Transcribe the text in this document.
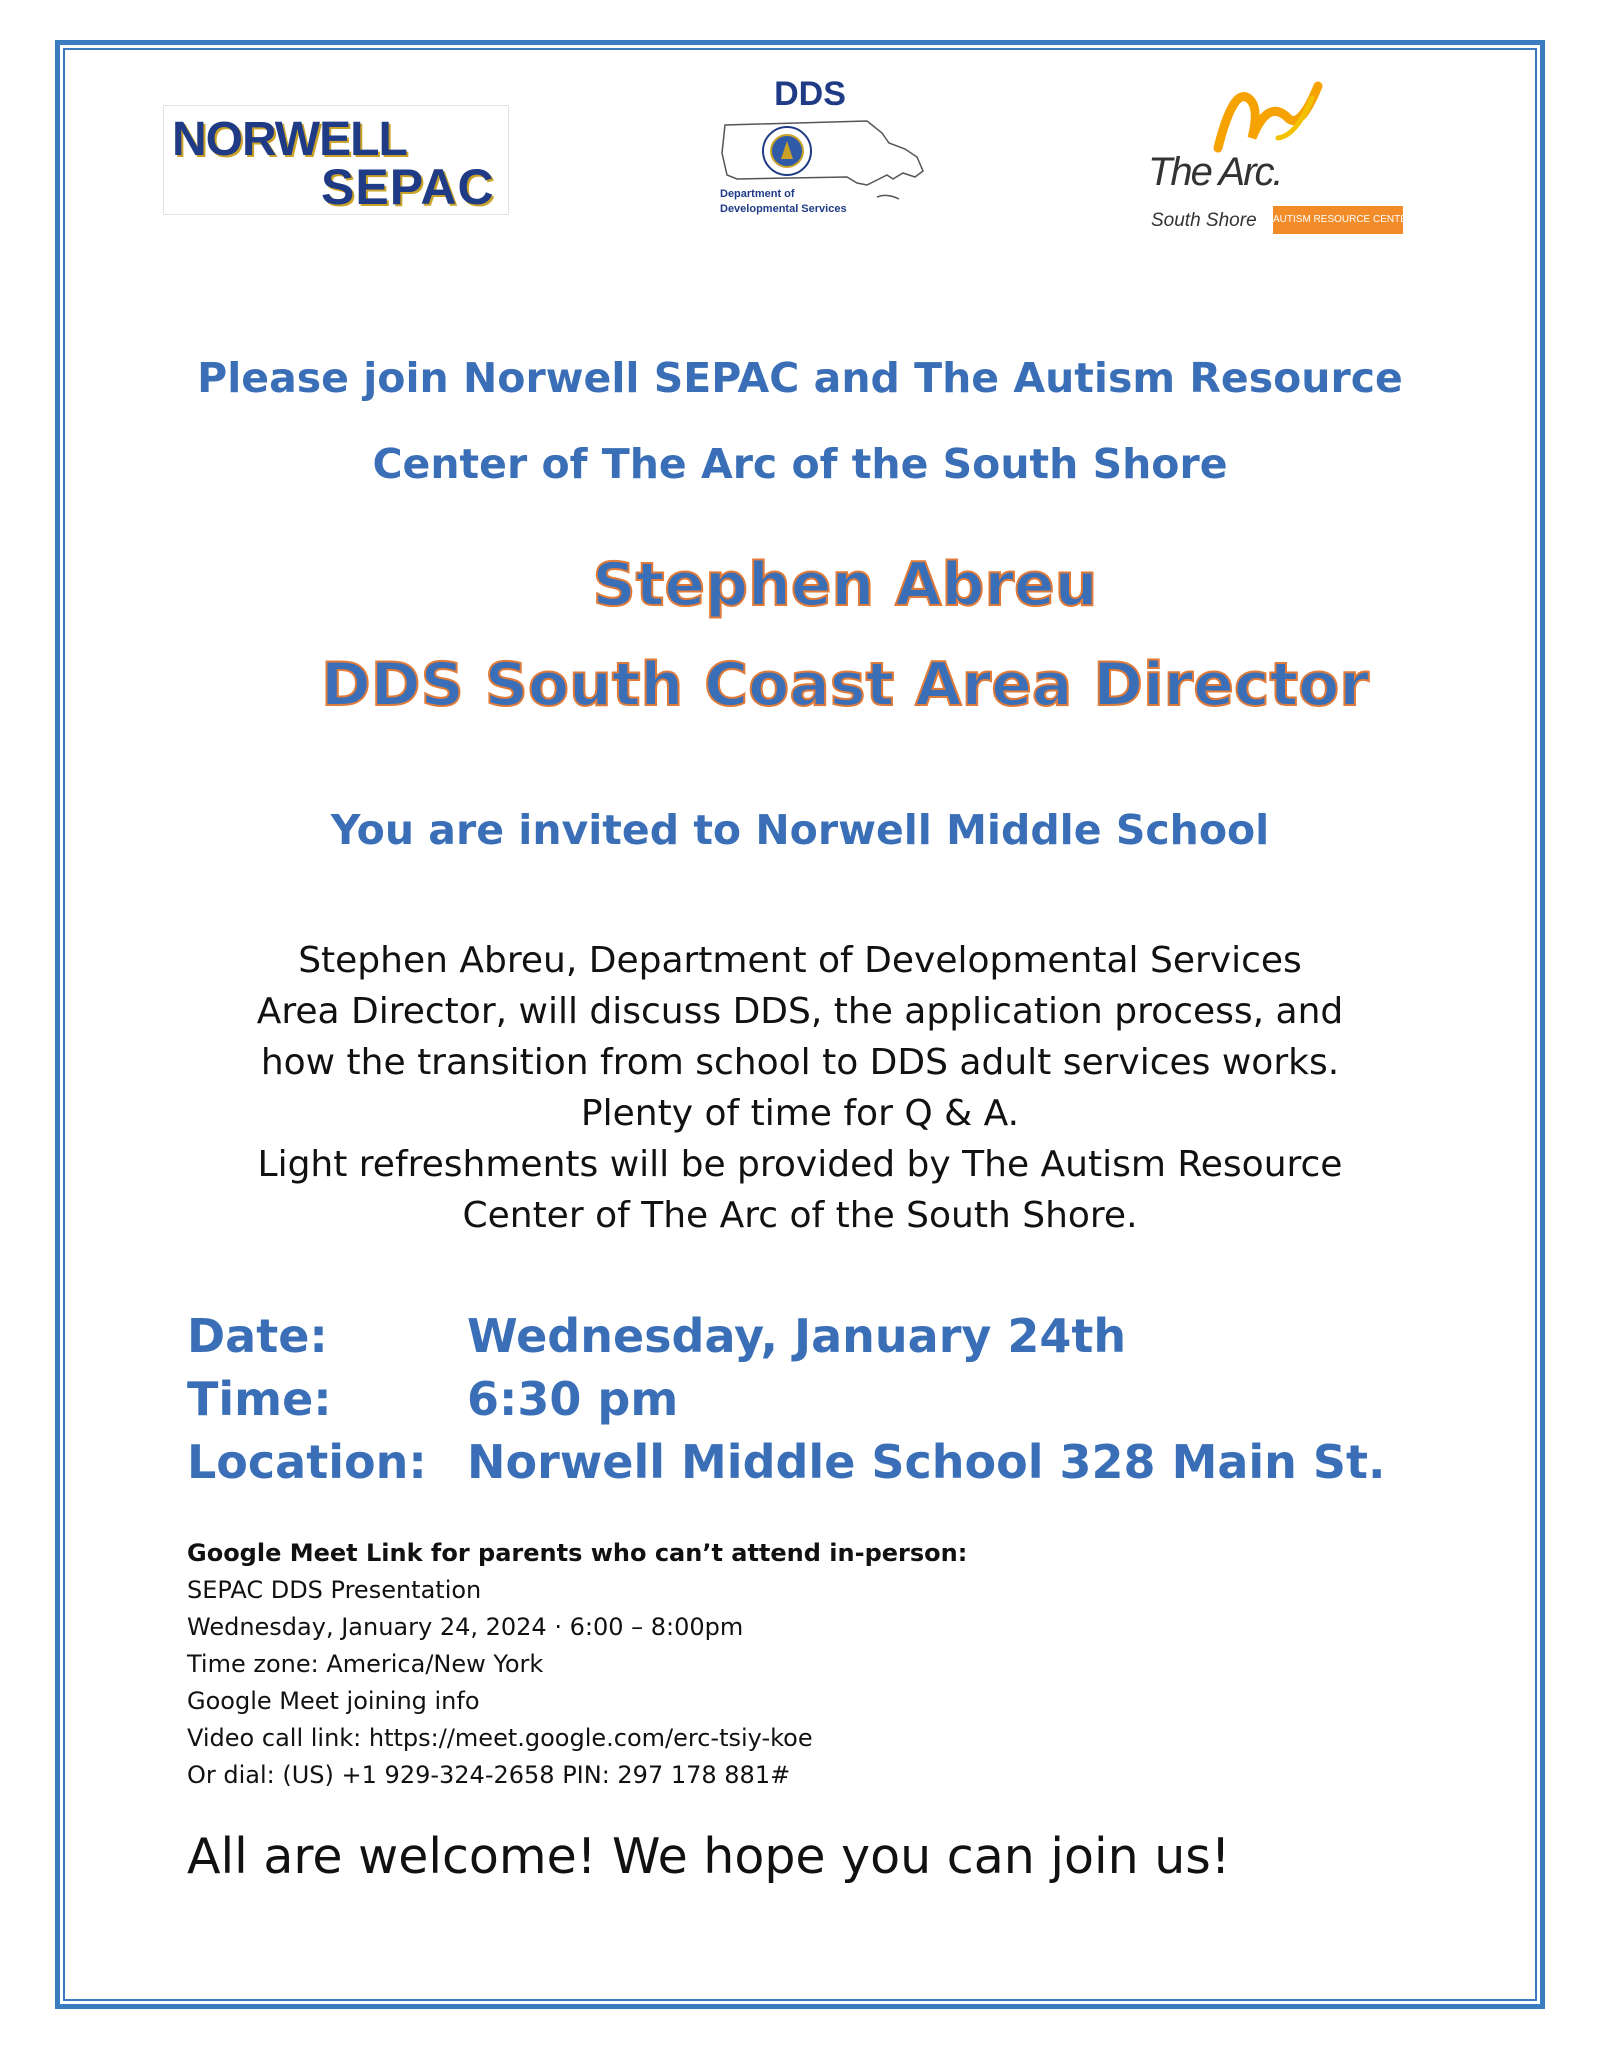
NORWELL
SEPAC
DDS
Department of
Developmental Services
The Arc.
South Shore AUTISM RESOURCE CENTER
Please join Norwell SEPAC and The Autism Resource
Center of The Arc of the South Shore
Stephen Abreu
DDS South Coast Area Director
You are invited to Norwell Middle School
Stephen Abreu, Department of Developmental Services
Area Director, will discuss DDS, the application process, and
how the transition from school to DDS adult services works.
Plenty of time for Q & A.
Light refreshments will be provided by The Autism Resource
Center of The Arc of the South Shore.
Date:	Wednesday, January 24th
Time:	6:30 pm
Location: Norwell Middle School 328 Main St.
Google Meet Link for parents who can’t attend in-person:
SEPAC DDS Presentation
Wednesday, January 24, 2024 · 6:00 – 8:00pm
Time zone: America/New York
Google Meet joining info
Video call link: https://meet.google.com/erc-tsiy-koe
Or dial: (US) +1 929-324-2658 PIN: 297 178 881#
All are welcome! We hope you can join us!
